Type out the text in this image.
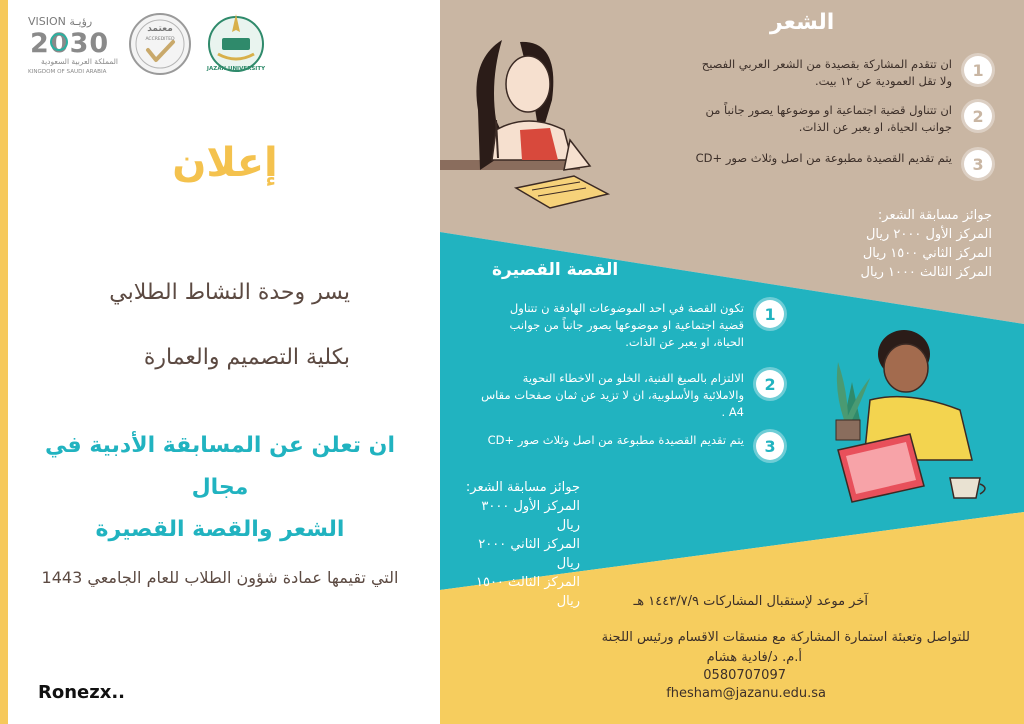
VISION رؤيـة
2030
المملكة العربية السعودية
KINGDOM OF SAUDI ARABIA
معتمد
ACCREDITED
JAZAN UNIVERSITY
إعلان
يسر وحدة النشاط الطلابي
بكلية التصميم والعمارة
ان تعلن عن المسابقة الأدبية في مجال
الشعر والقصة القصيرة
التي تقيمها عمادة شؤون الطلاب للعام الجامعي 1443
Ronezx..
الشعر
1
ان تتقدم المشاركة بقصيدة من الشعر العربي الفصيح
ولا تقل العمودية عن ١٢ بيت.
2
ان تتناول قضية اجتماعية او موضوعها يصور جانباً من
جوانب الحياة، او يعبر عن الذات.
3
يتم تقديم القصيدة مطبوعة من اصل وثلاث صور +CD
جوائز مسابقة الشعر:
المركز الأول ٢٠٠٠ ريال
المركز الثاني ١٥٠٠ ريال
المركز الثالث ١٠٠٠ ريال
القصة القصيرة
1
تكون القصة في احد الموضوعات الهادفة ن تتناول
قضية اجتماعية او موضوعها يصور جانباً من جوانب
الحياة، او يعبر عن الذات.
2
الالتزام بالصيغ الفنية، الخلو من الاخطاء النحوية
والاملائية والأسلوبية، ان لا تزيد عن ثمان صفحات مقاس
A4 .
3
يتم تقديم القصيدة مطبوعة من اصل وثلاث صور +CD
جوائز مسابقة الشعر:
المركز الأول ٣٠٠٠ ريال
المركز الثاني ٢٠٠٠ ريال
المركز الثالث ١٥٠٠ ريال	آخر موعد لإستقبال المشاركات ١٤٤٣/٧/٩ هـ
للتواصل وتعبئة استمارة المشاركة مع منسقات الاقسام ورئيس اللجنة
أ.م. د/فادية هشام
0580707097
fhesham@jazanu.edu.sa
